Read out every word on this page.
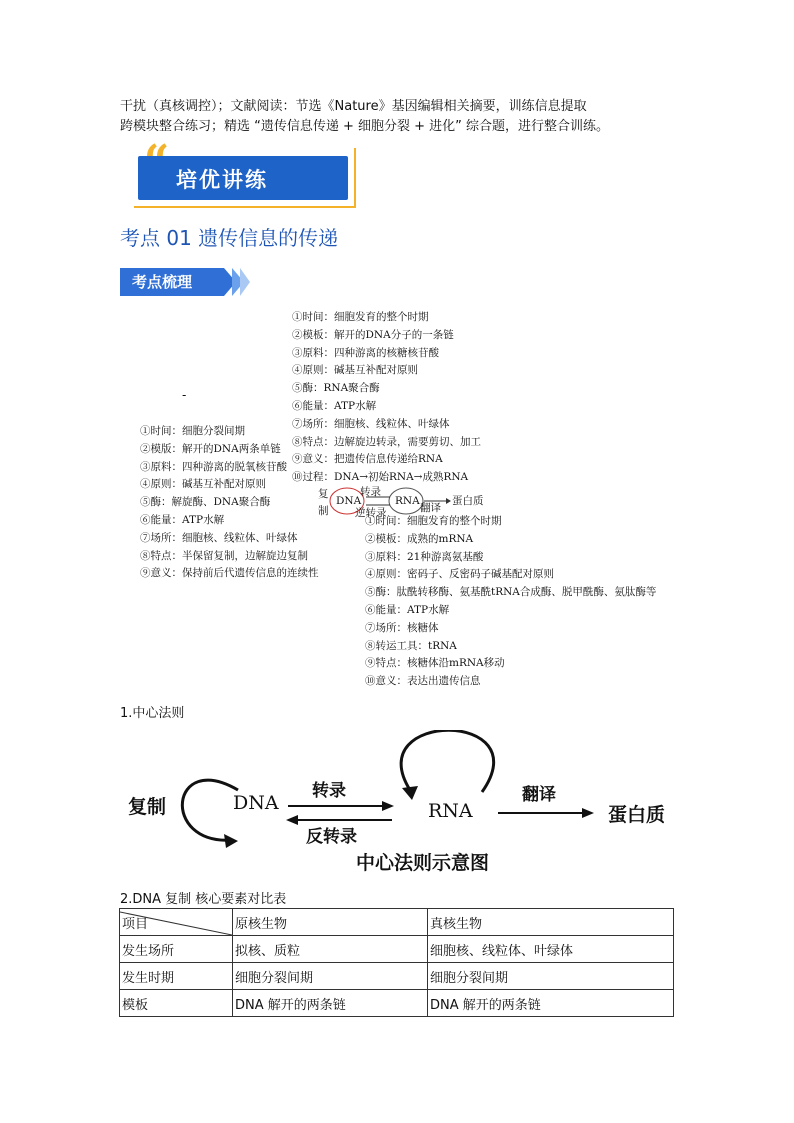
干扰（真核调控）；文献阅读：节选《Nature》基因编辑相关摘要，训练信息提取
跨模块整合练习；精选 “遗传信息传递 + 细胞分裂 + 进化” 综合题，进行整合训练。
“ 培优讲练
考点 01 遗传信息的传递
考点梳理
-
①时间：细胞发育的整个时期
②模板：解开的DNA分子的一条链
③原料：四种游离的核糖核苷酸
④原则：碱基互补配对原则
⑤酶：RNA聚合酶
⑥能量：ATP水解
⑦场所：细胞核、线粒体、叶绿体
⑧特点：边解旋边转录，需要剪切、加工
⑨意义：把遗传信息传递给RNA
⑩过程：DNA→初始RNA→成熟RNA
①时间：细胞分裂间期
②模版：解开的DNA两条单链
③原料：四种游离的脱氧核苷酸
④原则：碱基互补配对原则
⑤酶：解旋酶、DNA聚合酶
⑥能量：ATP水解
⑦场所：细胞核、线粒体、叶绿体
⑧特点：半保留复制，边解旋边复制
⑨意义：保持前后代遗传信息的连续性
复
制
DNA
转录
逆转录
RNA
翻译
蛋白质
①时间：细胞发育的整个时期
②模板：成熟的mRNA
③原料：21种游离氨基酸
④原则：密码子、反密码子碱基配对原则
⑤酶：肽酰转移酶、氨基酰tRNA合成酶、脱甲酰酶、氨肽酶等
⑥能量：ATP水解
⑦场所：核糖体
⑧转运工具：tRNA
⑨特点：核糖体沿mRNA移动
⑩意义：表达出遗传信息
1.中心法则
复制	DNA
转录
反转录
RNA
翻译
蛋白质
中心法则示意图
2.DNA 复制 核心要素对比表
项目	原核生物	真核生物
发生场所	拟核、质粒	细胞核、线粒体、叶绿体
发生时期	细胞分裂间期	细胞分裂间期
模板	DNA 解开的两条链	DNA 解开的两条链
